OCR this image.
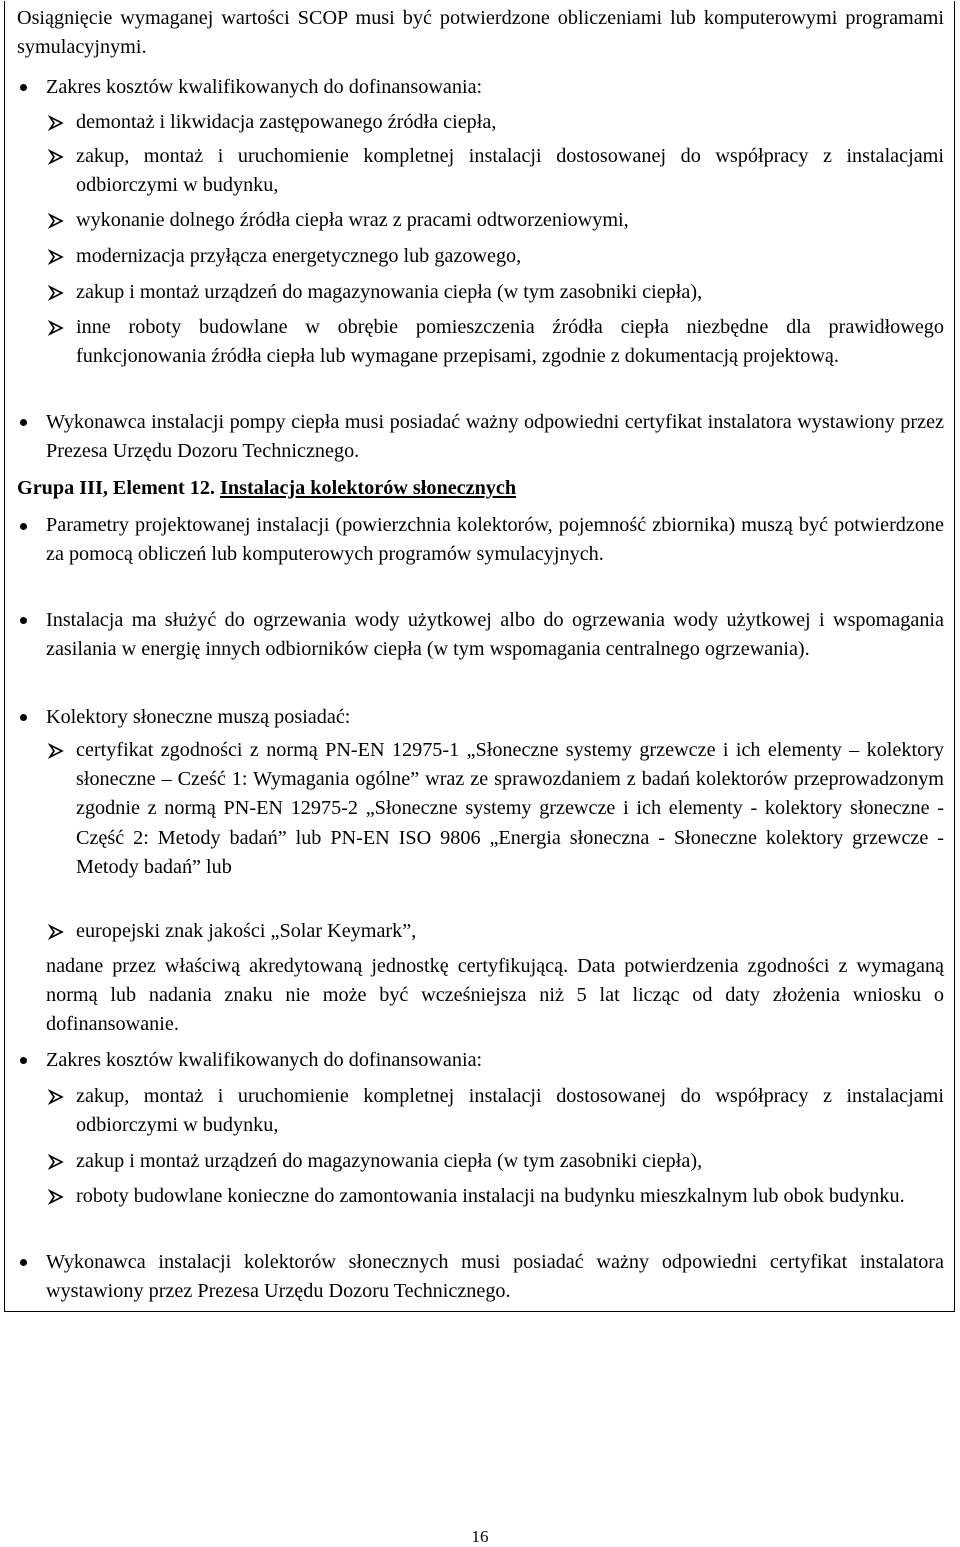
Osiągnięcie wymaganej wartości SCOP musi być potwierdzone obliczeniami lub komputerowymi programami symulacyjnymi.

Zakres kosztów kwalifikowanych do dofinansowania:

demontaż i likwidacja zastępowanego źródła ciepła,

zakup, montaż i uruchomienie kompletnej instalacji dostosowanej do współpracy z instalacjami odbiorczymi w budynku,

wykonanie dolnego źródła ciepła wraz z pracami odtworzeniowymi,

modernizacja przyłącza energetycznego lub gazowego,

zakup i montaż urządzeń do magazynowania ciepła (w tym zasobniki ciepła),

inne roboty budowlane w obrębie pomieszczenia źródła ciepła niezbędne dla prawidłowego funkcjonowania źródła ciepła lub wymagane przepisami, zgodnie z dokumentacją projektową.

Wykonawca instalacji pompy ciepła musi posiadać ważny odpowiedni certyfikat instalatora wystawiony przez Prezesa Urzędu Dozoru Technicznego.

Grupa III, Element 12. Instalacja kolektorów słonecznych

Parametry projektowanej instalacji (powierzchnia kolektorów, pojemność zbiornika) muszą być potwierdzone za pomocą obliczeń lub komputerowych programów symulacyjnych.

Instalacja ma służyć do ogrzewania wody użytkowej albo do ogrzewania wody użytkowej i wspomagania zasilania w energię innych odbiorników ciepła (w tym wspomagania centralnego ogrzewania).

Kolektory słoneczne muszą posiadać:

certyfikat zgodności z normą PN-EN 12975-1 „Słoneczne systemy grzewcze i ich elementy – kolektory słoneczne – Cześć 1: Wymagania ogólne” wraz ze sprawozdaniem z badań kolektorów przeprowadzonym zgodnie z normą PN-EN 12975-2 „Słoneczne systemy grzewcze i ich elementy - kolektory słoneczne - Część 2: Metody badań” lub PN-EN ISO 9806 „Energia słoneczna - Słoneczne kolektory grzewcze - Metody badań” lub

europejski znak jakości „Solar Keymark”,

nadane przez właściwą akredytowaną jednostkę certyfikującą. Data potwierdzenia zgodności z wymaganą normą lub nadania znaku nie może być wcześniejsza niż 5 lat licząc od daty złożenia wniosku o dofinansowanie.

Zakres kosztów kwalifikowanych do dofinansowania:

zakup, montaż i uruchomienie kompletnej instalacji dostosowanej do współpracy z instalacjami odbiorczymi w budynku,

zakup i montaż urządzeń do magazynowania ciepła (w tym zasobniki ciepła),

roboty budowlane konieczne do zamontowania instalacji na budynku mieszkalnym lub obok budynku.

Wykonawca instalacji kolektorów słonecznych musi posiadać ważny odpowiedni certyfikat instalatora wystawiony przez Prezesa Urzędu Dozoru Technicznego.

16
